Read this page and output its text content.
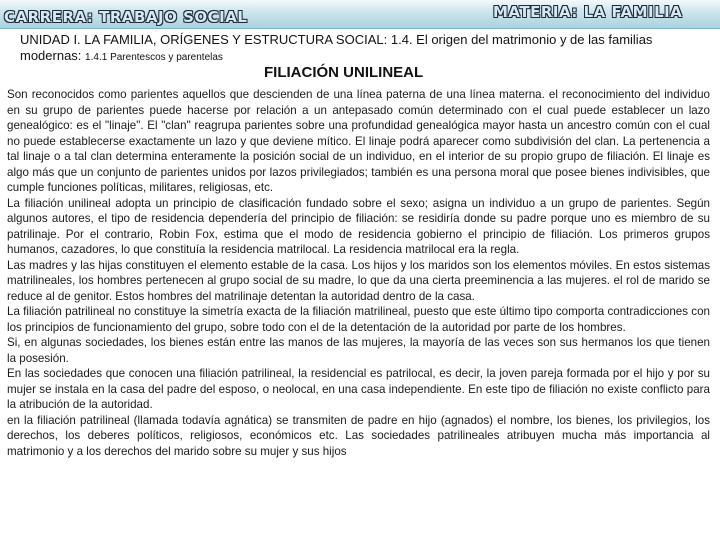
CARRERA: TRABAJO SOCIAL	MATERIA: LA FAMILIA
UNIDAD I. LA FAMILIA, ORÍGENES Y ESTRUCTURA SOCIAL: 1.4. El origen del matrimonio y de las familias modernas: 1.4.1 Parentescos y parentelas
FILIACIÓN UNILINEAL

Son reconocidos como parientes aquellos que descienden de una línea paterna de una línea materna. el reconocimiento del individuo en su grupo de parientes puede hacerse por relación a un antepasado común determinado con el cual puede establecer un lazo genealógico: es el "linaje". El "clan" reagrupa parientes sobre una profundidad genealógica mayor hasta un ancestro común con el cual no puede establecerse exactamente un lazo y que deviene mítico. El linaje podrá aparecer como subdivisión del clan. La pertenencia a tal linaje o a tal clan determina enteramente la posición social de un individuo, en el interior de su propio grupo de filiación. El linaje es algo más que un conjunto de parientes unidos por lazos privilegiados; también es una persona moral que posee bienes indivisibles, que cumple funciones políticas, militares, religiosas, etc.

La filiación unilineal adopta un principio de clasificación fundado sobre el sexo; asigna un individuo a un grupo de parientes. Según algunos autores, el tipo de residencia dependería del principio de filiación: se residiría donde su padre porque uno es miembro de su patrilinaje. Por el contrario, Robin Fox, estima que el modo de residencia gobierno el principio de filiación. Los primeros grupos humanos, cazadores, lo que constituía la residencia matrilocal. La residencia matrilocal era la regla.

Las madres y las hijas constituyen el elemento estable de la casa. Los hijos y los maridos son los elementos móviles. En estos sistemas matrilineales, los hombres pertenecen al grupo social de su madre, lo que da una cierta preeminencia a las mujeres. el rol de marido se reduce al de genitor. Estos hombres del matrilinaje detentan la autoridad dentro de la casa.

La filiación patrilineal no constituye la simetría exacta de la filiación matrilineal, puesto que este último tipo comporta contradicciones con los principios de funcionamiento del grupo, sobre todo con el de la detentación de la autoridad por parte de los hombres.

Si, en algunas sociedades, los bienes están entre las manos de las mujeres, la mayoría de las veces son sus hermanos los que tienen la posesión.

En las sociedades que conocen una filiación patrilineal, la residencial es patrilocal, es decir, la joven pareja formada por el hijo y por su mujer se instala en la casa del padre del esposo, o neolocal, en una casa independiente. En este tipo de filiación no existe conflicto para la atribución de la autoridad.

en la filiación patrilineal (llamada todavía agnática) se transmiten de padre en hijo (agnados) el nombre, los bienes, los privilegios, los derechos, los deberes políticos, religiosos, económicos etc. Las sociedades patrilineales atribuyen mucha más importancia al matrimonio y a los derechos del marido sobre su mujer y sus hijos
